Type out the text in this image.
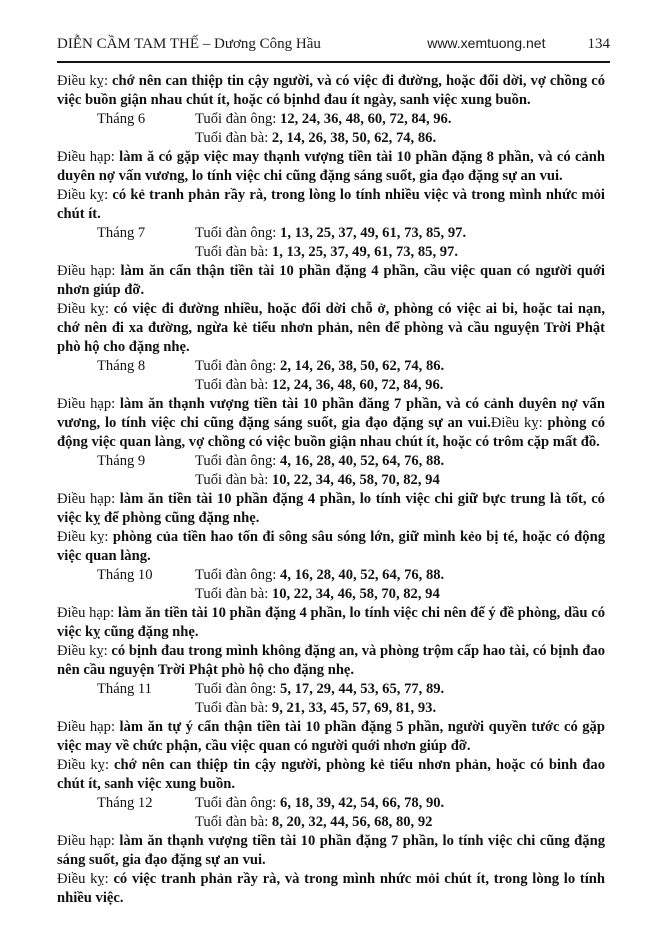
DIỄN CẦM TAM THẾ – Dương Công Hầu	www.xemtuong.net	134

Điều kỵ: chớ nên can thiệp tin cậy người, và có việc đi đường, hoặc đổi dời, vợ chồng có việc buồn giận nhau chút ít, hoặc có bịnhd đau ít ngày, sanh việc xung buồn.

Tháng 6	Tuổi đàn ông: 12, 24, 36, 48, 60, 72, 84, 96.
Tuổi đàn bà: 2, 14, 26, 38, 50, 62, 74, 86.

Điều hạp: làm ă có gặp việc may thạnh vượng tiền tài 10 phần đặng 8 phần, và có cảnh duyên nợ vấn vương, lo tính việc chi cũng đặng sáng suốt, gia đạo đặng sự an vui.

Điều kỵ: có kẻ tranh phản rầy rà, trong lòng lo tính nhiều việc và trong mình nhức mỏi chút ít.

Tháng 7	Tuổi đàn ông: 1, 13, 25, 37, 49, 61, 73, 85, 97.
Tuổi đàn bà: 1, 13, 25, 37, 49, 61, 73, 85, 97.

Điều hạp: làm ăn cẩn thận tiền tài 10 phần đặng 4 phần, cầu việc quan có người quới nhơn giúp đỡ.

Điều kỵ: có việc đi đường nhiều, hoặc đổi dời chỗ ở, phòng có việc ai bi, hoặc tai nạn, chớ nên đi xa đường, ngừa kẻ tiểu nhơn phản, nên để phòng và cầu nguyện Trời Phật phò hộ cho đặng nhẹ.

Tháng 8	Tuổi đàn ông: 2, 14, 26, 38, 50, 62, 74, 86.
Tuổi đàn bà: 12, 24, 36, 48, 60, 72, 84, 96.

Điều hạp: làm ăn thạnh vượng tiền tài 10 phần đăng 7 phần, và có cảnh duyên nợ vấn vương, lo tính việc chi cũng đặng sáng suốt, gia đạo đặng sự an vui.Điều kỵ: phòng có động việc quan làng, vợ chồng có việc buồn giận nhau chút ít, hoặc có trôm cặp mất đồ.

Tháng 9	Tuổi đàn ông: 4, 16, 28, 40, 52, 64, 76, 88.
Tuổi đàn bà: 10, 22, 34, 46, 58, 70, 82, 94

Điều hạp: làm ăn tiền tài 10 phần đặng 4 phần, lo tính việc chi giữ bực trung là tốt, có việc kỵ để phòng cũng đặng nhẹ.

Điều kỵ: phòng của tiền hao tốn đi sông sâu sóng lớn, giữ mình kẻo bị té, hoặc có động việc quan làng.

Tháng 10	Tuổi đàn ông: 4, 16, 28, 40, 52, 64, 76, 88.
Tuổi đàn bà: 10, 22, 34, 46, 58, 70, 82, 94

Điều hạp: làm ăn tiền tài 10 phần đặng 4 phần, lo tính việc chi nên để ý đề phòng, dầu có việc kỵ cũng đặng nhẹ.

Điều kỵ: có bịnh đau trong mình không đặng an, và phòng trộm cấp hao tài, có bịnh đao nên cầu nguyện Trời Phật phò hộ cho đặng nhẹ.

Tháng 11	Tuổi đàn ông: 5, 17, 29, 44, 53, 65, 77, 89.
Tuổi đàn bà: 9, 21, 33, 45, 57, 69, 81, 93.

Điều hạp: làm ăn tự ý cẩn thận tiền tài 10 phần đặng 5 phần, người quyền tước có gặp việc may về chức phận, cầu việc quan có người quới nhơn giúp đỡ.

Điều kỵ: chớ nên can thiệp tin cậy người, phòng kẻ tiểu nhơn phản, hoặc có binh đao chút ít, sanh việc xung buồn.

Tháng 12	Tuổi đàn ông: 6, 18, 39, 42, 54, 66, 78, 90.
Tuổi đàn bà: 8, 20, 32, 44, 56, 68, 80, 92

Điều hạp: làm ăn thạnh vượng tiền tài 10 phần đặng 7 phần, lo tính việc chi cũng đặng sáng suốt, gia đạo đặng sự an vui.

Điều kỵ: có việc tranh phản rầy rà, và trong mình nhức mỏi chút ít, trong lòng lo tính nhiều việc.
